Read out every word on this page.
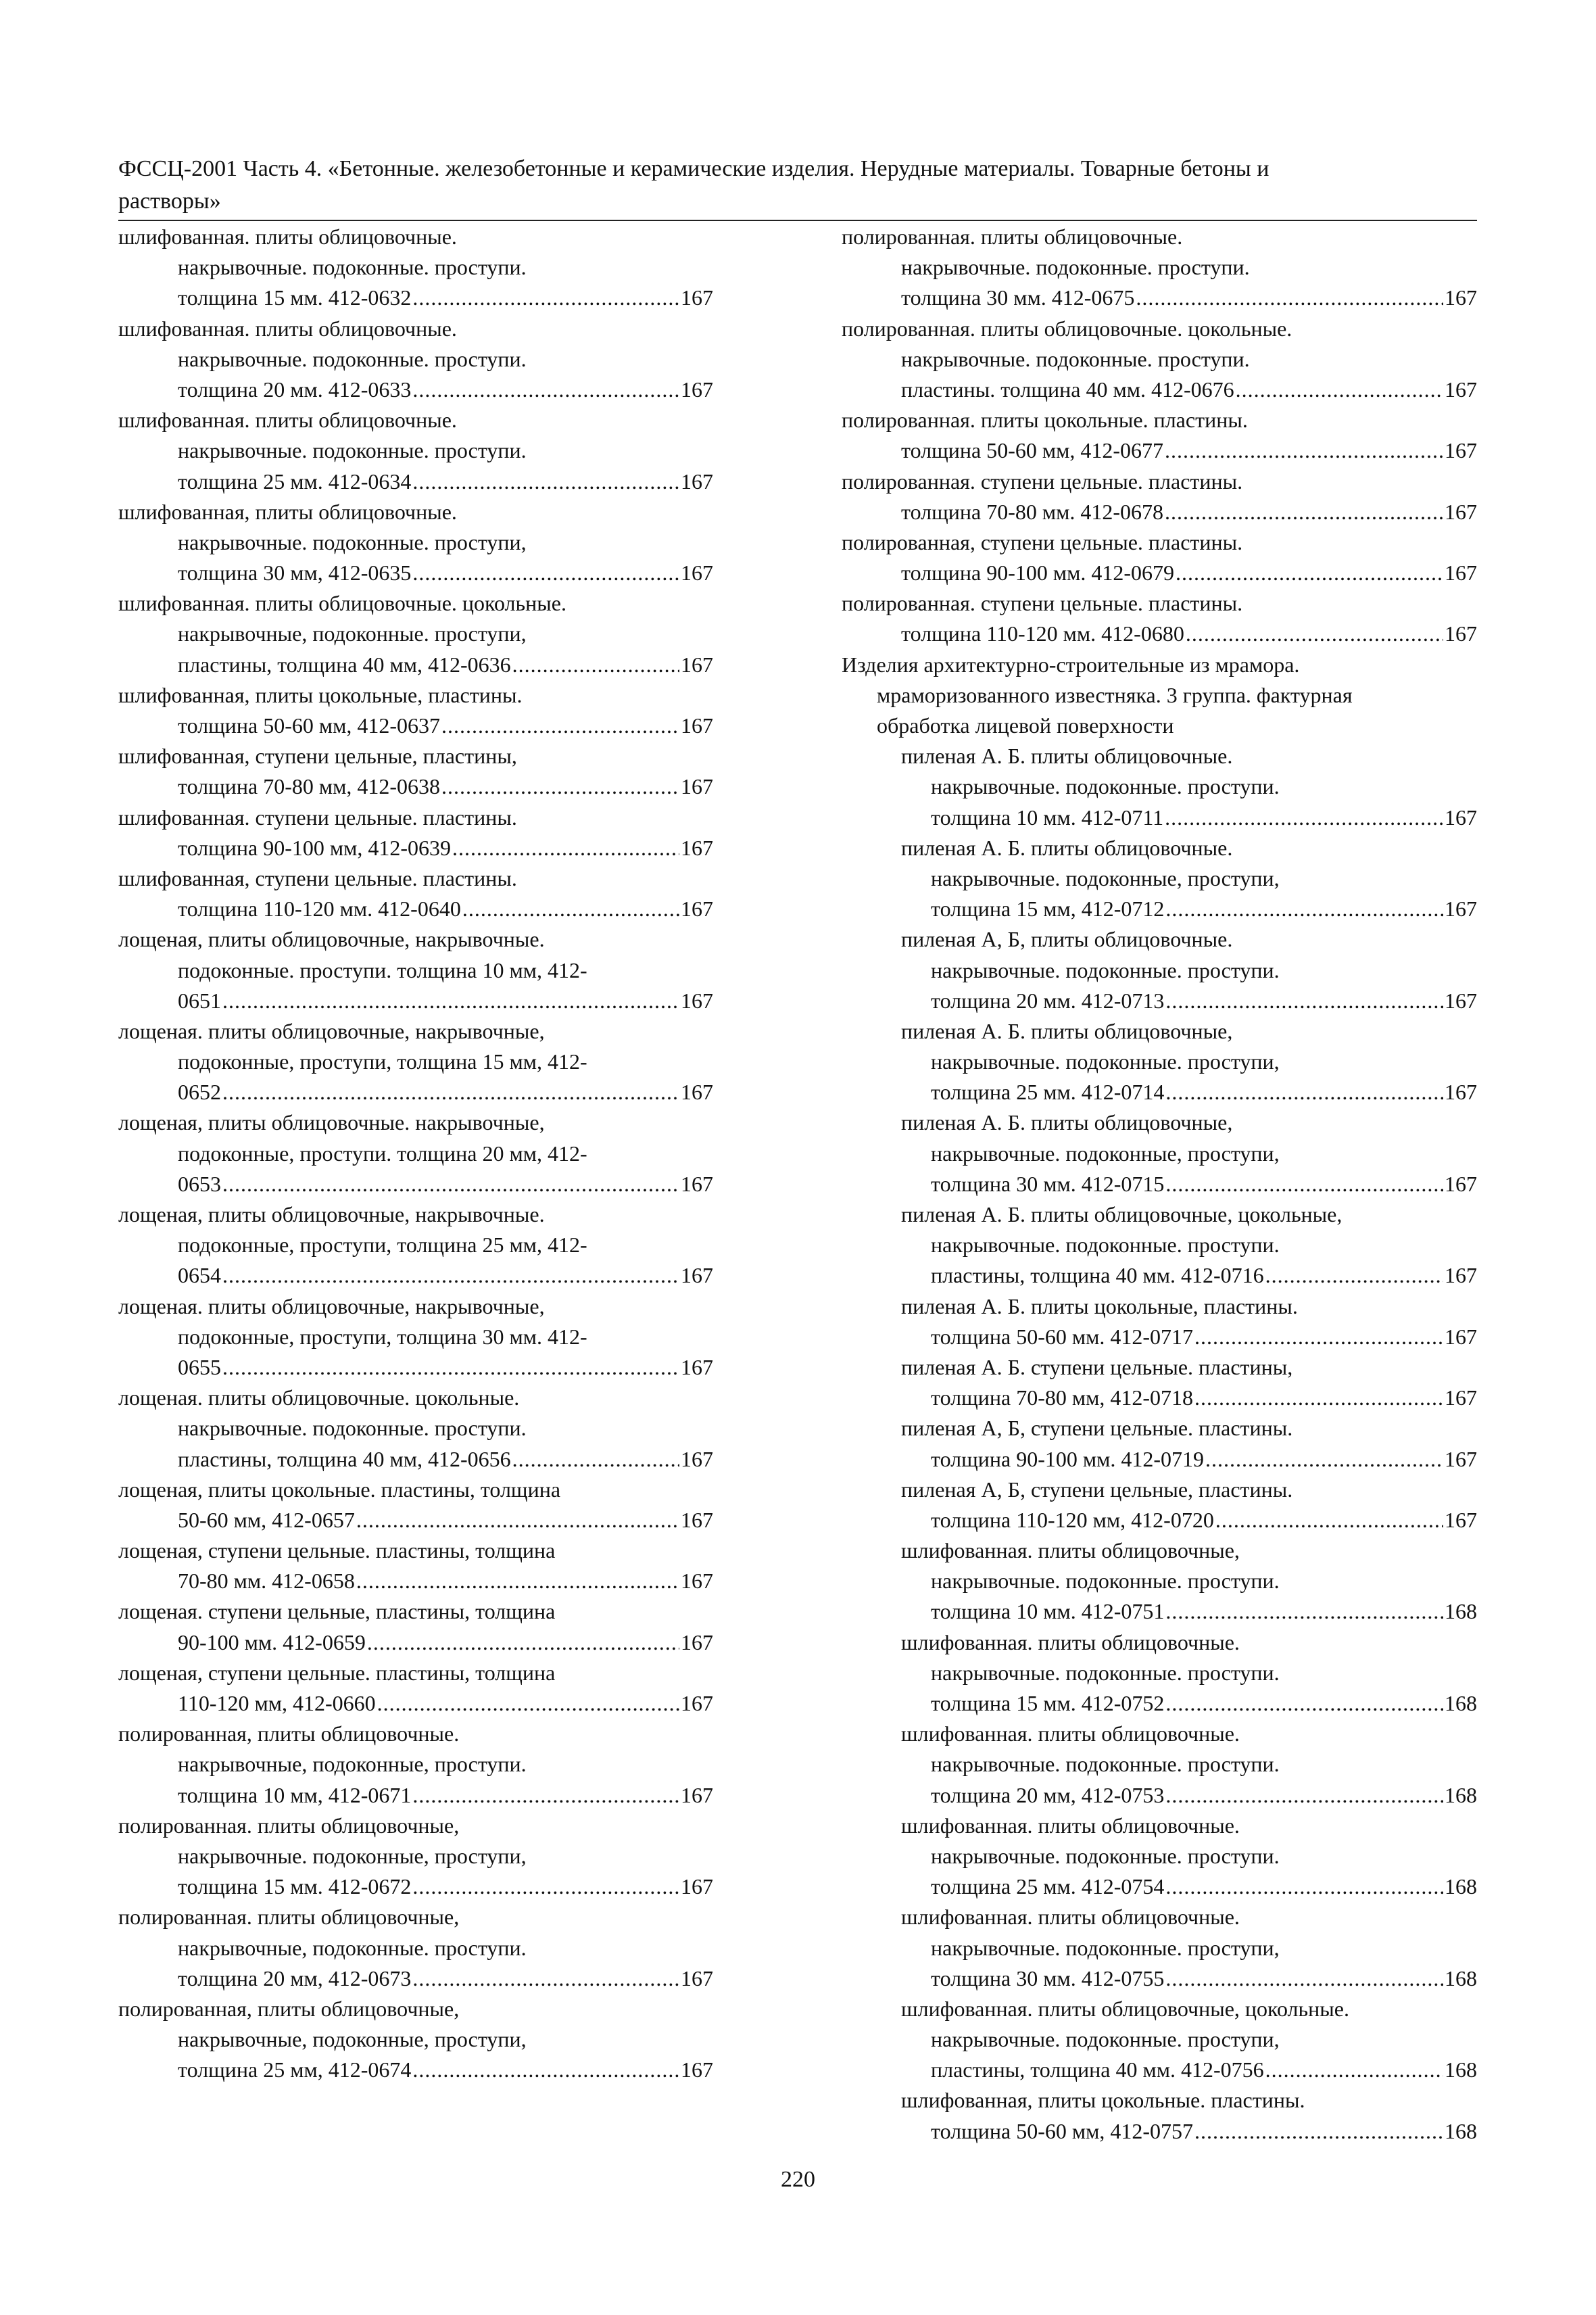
ФССЦ-2001 Часть 4. «Бетонные. железобетонные и керамические изделия. Нерудные материалы. Товарные бетоны и
растворы»
шлифованная. плиты облицовочные.
накрывочные. подоконные. проступи.
толщина 15 мм. 412-0632 .....	167
шлифованная. плиты облицовочные.
накрывочные. подоконные. проступи.
толщина 20 мм. 412-0633 .....	167
шлифованная. плиты облицовочные.
накрывочные. подоконные. проступи.
толщина 25 мм. 412-0634 .....	167
шлифованная, плиты облицовочные.
накрывочные. подоконные. проступи,
толщина 30 мм, 412-0635 .....	167
шлифованная. плиты облицовочные. цокольные.
накрывочные, подоконные. проступи,
пластины, толщина 40 мм, 412-0636 .....	167
шлифованная, плиты цокольные, пластины.
толщина 50-60 мм, 412-0637 .....	167
шлифованная, ступени цельные, пластины,
толщина 70-80 мм, 412-0638 .....	167
шлифованная. ступени цельные. пластины.
толщина 90-100 мм, 412-0639 .....	167
шлифованная, ступени цельные. пластины.
толщина 110-120 мм. 412-0640 .....	167
лощеная, плиты облицовочные, накрывочные.
подоконные. проступи. толщина 10 мм, 412-
0651 .....	167
лощеная. плиты облицовочные, накрывочные,
подоконные, проступи, толщина 15 мм, 412-
0652 .....	167
лощеная, плиты облицовочные. накрывочные,
подоконные, проступи. толщина 20 мм, 412-
0653 .....	167
лощеная, плиты облицовочные, накрывочные.
подоконные, проступи, толщина 25 мм, 412-
0654 .....	167
лощеная. плиты облицовочные, накрывочные,
подоконные, проступи, толщина 30 мм. 412-
0655 .....	167
лощеная. плиты облицовочные. цокольные.
накрывочные. подоконные. проступи.
пластины, толщина 40 мм, 412-0656 .....	167
лощеная, плиты цокольные. пластины, толщина
50-60 мм, 412-0657 .....	167
лощеная, ступени цельные. пластины, толщина
70-80 мм. 412-0658 .....	167
лощеная. ступени цельные, пластины, толщина
90-100 мм. 412-0659 .....	167
лощеная, ступени цельные. пластины, толщина
110-120 мм, 412-0660 .....	167
полированная, плиты облицовочные.
накрывочные, подоконные, проступи.
толщина 10 мм, 412-0671 .....	167
полированная. плиты облицовочные,
накрывочные. подоконные, проступи,
толщина 15 мм. 412-0672 .....	167
полированная. плиты облицовочные,
накрывочные, подоконные. проступи.
толщина 20 мм, 412-0673 .....	167
полированная, плиты облицовочные,
накрывочные, подоконные, проступи,
толщина 25 мм, 412-0674 .....	167
полированная. плиты облицовочные.
накрывочные. подоконные. проступи.
толщина 30 мм. 412-0675 .....	167
полированная. плиты облицовочные. цокольные.
накрывочные. подоконные. проступи.
пластины. толщина 40 мм. 412-0676 .....	167
полированная. плиты цокольные. пластины.
толщина 50-60 мм, 412-0677 .....	167
полированная. ступени цельные. пластины.
толщина 70-80 мм. 412-0678 .....	167
полированная, ступени цельные. пластины.
толщина 90-100 мм. 412-0679 .....	167
полированная. ступени цельные. пластины.
толщина 110-120 мм. 412-0680 .....	167
Изделия архитектурно-строительные из мрамора.
мраморизованного известняка. 3 группа. фактурная
обработка лицевой поверхности
пиленая А. Б. плиты облицовочные.
накрывочные. подоконные. проступи.
толщина 10 мм. 412-0711 .....	167
пиленая А. Б. плиты облицовочные.
накрывочные. подоконные, проступи,
толщина 15 мм, 412-0712 .....	167
пиленая А, Б, плиты облицовочные.
накрывочные. подоконные. проступи.
толщина 20 мм. 412-0713 .....	167
пиленая А. Б. плиты облицовочные,
накрывочные. подоконные. проступи,
толщина 25 мм. 412-0714 .....	167
пиленая А. Б. плиты облицовочные,
накрывочные. подоконные, проступи,
толщина 30 мм. 412-0715 .....	167
пиленая А. Б. плиты облицовочные, цокольные,
накрывочные. подоконные. проступи.
пластины, толщина 40 мм. 412-0716 .....	167
пиленая А. Б. плиты цокольные, пластины.
толщина 50-60 мм. 412-0717 .....	167
пиленая А. Б. ступени цельные. пластины,
толщина 70-80 мм, 412-0718 .....	167
пиленая А, Б, ступени цельные. пластины.
толщина 90-100 мм. 412-0719 .....	167
пиленая А, Б, ступени цельные, пластины.
толщина 110-120 мм, 412-0720 .....	167
шлифованная. плиты облицовочные,
накрывочные. подоконные. проступи.
толщина 10 мм. 412-0751 .....	168
шлифованная. плиты облицовочные.
накрывочные. подоконные. проступи.
толщина 15 мм. 412-0752 .....	168
шлифованная. плиты облицовочные.
накрывочные. подоконные. проступи.
толщина 20 мм, 412-0753 .....	168
шлифованная. плиты облицовочные.
накрывочные. подоконные. проступи.
толщина 25 мм. 412-0754 .....	168
шлифованная. плиты облицовочные.
накрывочные. подоконные. проступи,
толщина 30 мм. 412-0755 .....	168
шлифованная. плиты облицовочные, цокольные.
накрывочные. подоконные. проступи,
пластины, толщина 40 мм. 412-0756 .....	168
шлифованная, плиты цокольные. пластины.
толщина 50-60 мм, 412-0757 .....	168
220
